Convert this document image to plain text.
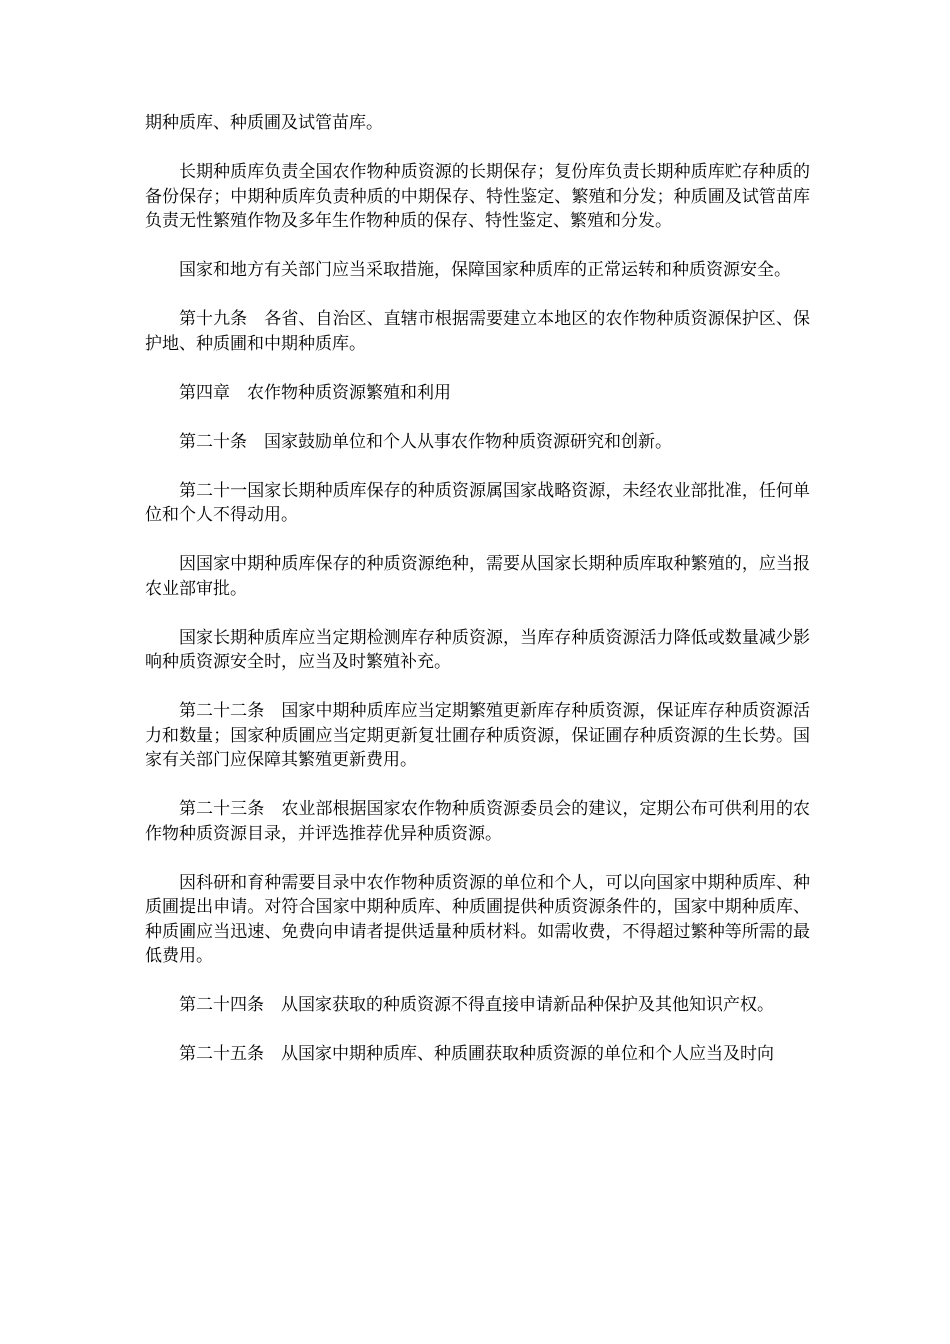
期种质库、种质圃及试管苗库。

长期种质库负责全国农作物种质资源的长期保存；复份库负责长期种质库贮存种质的备份保存；中期种质库负责种质的中期保存、特性鉴定、繁殖和分发；种质圃及试管苗库负责无性繁殖作物及多年生作物种质的保存、特性鉴定、繁殖和分发。

国家和地方有关部门应当采取措施，保障国家种质库的正常运转和种质资源安全。

第十九条　各省、自治区、直辖市根据需要建立本地区的农作物种质资源保护区、保护地、种质圃和中期种质库。

第四章　农作物种质资源繁殖和利用

第二十条　国家鼓励单位和个人从事农作物种质资源研究和创新。

第二十一国家长期种质库保存的种质资源属国家战略资源，未经农业部批准，任何单位和个人不得动用。

因国家中期种质库保存的种质资源绝种，需要从国家长期种质库取种繁殖的，应当报农业部审批。

国家长期种质库应当定期检测库存种质资源，当库存种质资源活力降低或数量减少影响种质资源安全时，应当及时繁殖补充。

第二十二条　国家中期种质库应当定期繁殖更新库存种质资源，保证库存种质资源活力和数量；国家种质圃应当定期更新复壮圃存种质资源，保证圃存种质资源的生长势。国家有关部门应保障其繁殖更新费用。

第二十三条　农业部根据国家农作物种质资源委员会的建议，定期公布可供利用的农作物种质资源目录，并评选推荐优异种质资源。

因科研和育种需要目录中农作物种质资源的单位和个人，可以向国家中期种质库、种质圃提出申请。对符合国家中期种质库、种质圃提供种质资源条件的，国家中期种质库、种质圃应当迅速、免费向申请者提供适量种质材料。如需收费，不得超过繁种等所需的最低费用。

第二十四条　从国家获取的种质资源不得直接申请新品种保护及其他知识产权。

第二十五条　从国家中期种质库、种质圃获取种质资源的单位和个人应当及时向
